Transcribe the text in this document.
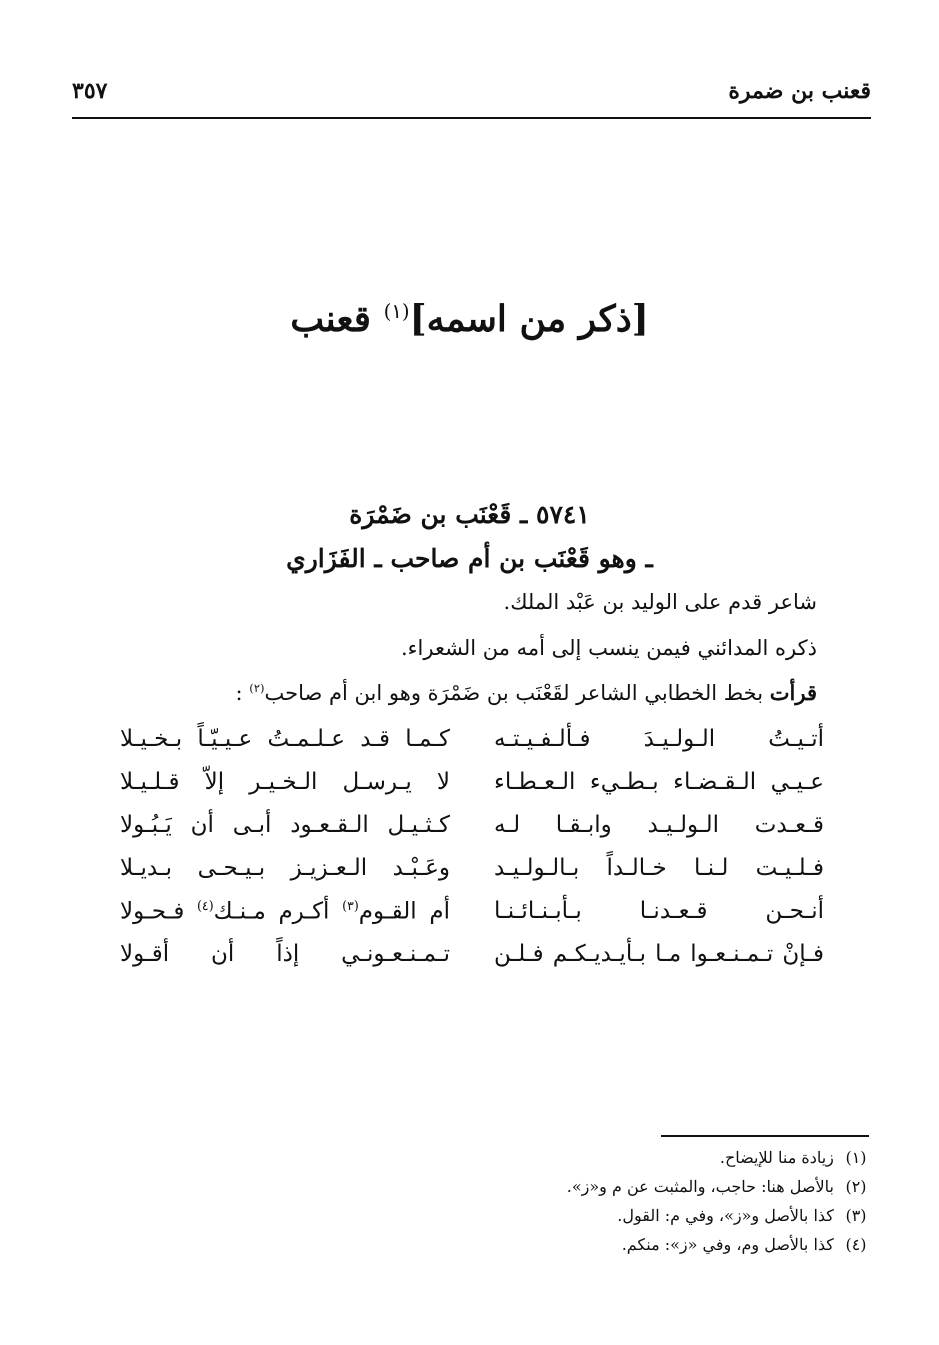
قعنب بن ضمرة
٣٥٧
[ذكر من اسمه]$^{(١)}$ قعنب
٥٧٤١ ـ قَعْنَب بن ضَمْرَة
ـ وهو قَعْنَب بن أم صاحب ـ الفَزَاري
شاعر قدم على الوليد بن عَبْد الملك.
ذكره المدائني فيمن ينسب إلى أمه من الشعراء.
قرأت بخط الخطابي الشاعر لقَعْنَب بن ضَمْرَة وهو ابن أم صاحب$^{(٢)}$ :
أتـيـتُ الـولـيـدَ فـألـفـيـتـه
كـمـا قـد عـلـمـتُ عـيـيّـاً بـخـيـلا
عـيـي الـقـضـاء بـطـيء الـعـطـاء
لا يـرسـل الـخـيـر إلاّ قـلـيـلا
قـعـدت الـولـيـد وابـقـا لـه
كـثـيـل الـقـعـود أبـى أن يَـبُـولا
فـلـيـت لـنـا خـالـداً بـالـولـيـد
وعَـبْـد الـعـزيـز بـيـحـى بـديـلا
أنـحـن قـعـدنـا بـأبـنـائـنـا
أم القـوم$^{(٣)}$ أكـرم مـنـك$^{(٤)}$ فـحـولا
فـإنْ تـمـنـعـوا مـا بـأيـديـكـم فـلـن
تـمـنـعـونـي إذاً أن أقـولا
(١) زيادة منا للإيضاح.
(٢) بالأصل هنا: حاجب، والمثبت عن م و«ز».
(٣) كذا بالأصل و«ز»، وفي م: القول.
(٤) كذا بالأصل وم، وفي «ز»: منكم.
